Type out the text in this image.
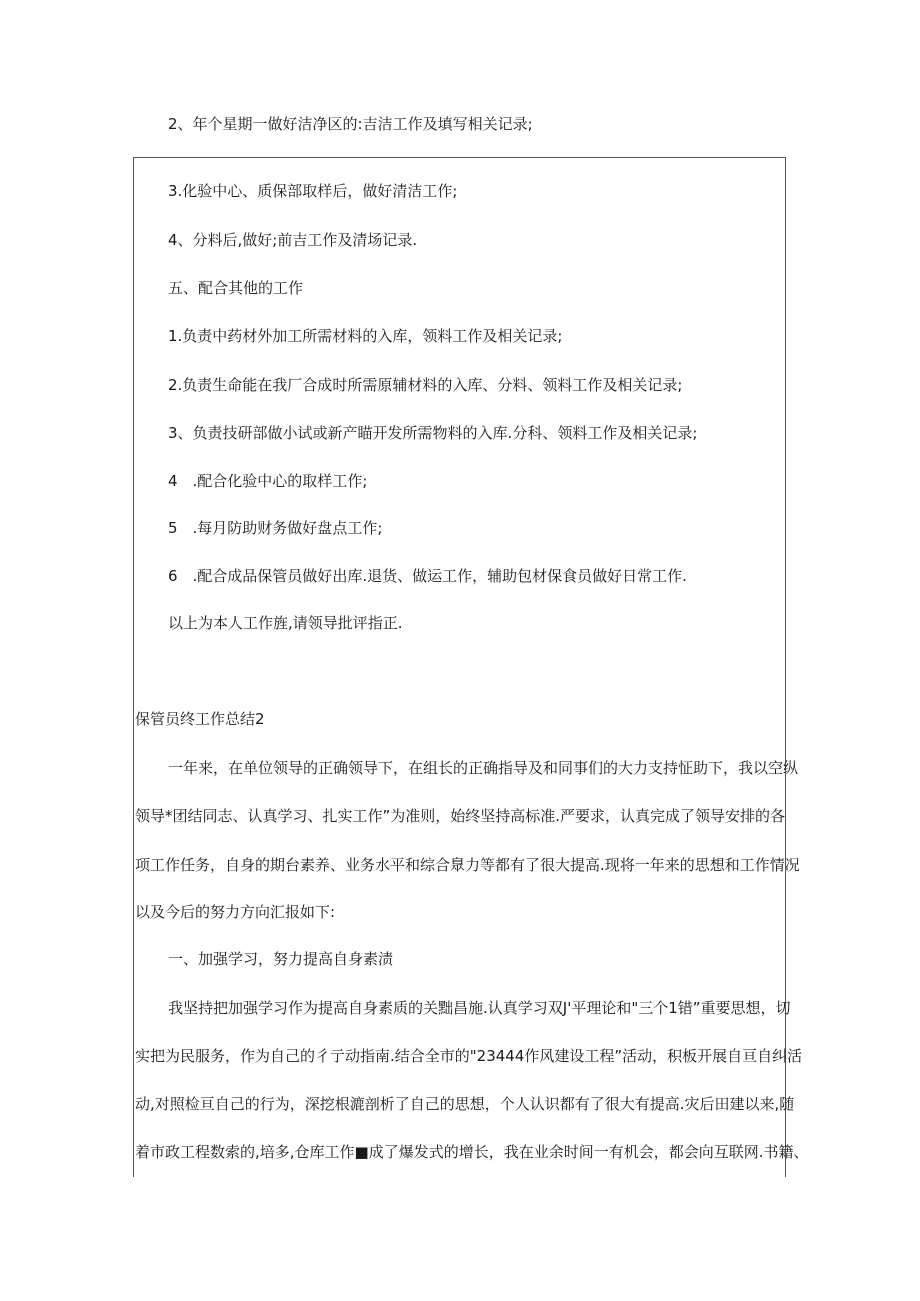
2、年个星期一做好洁净区的:吉洁工作及填写相关记录;
3.化验中心、质保部取样后，做好清洁工作;
4、分料后,做好;前吉工作及清场记录.
五、配合其他的工作
1.负责中药材外加工所需材料的入库，领料工作及相关记录;
2.负责生命能在我厂合成时所需原辅材料的入库、分料、领料工作及相关记录;
3、负责技研部做小试或新产瞄开发所需物料的入库.分科、领料工作及相关记录;
4　.配合化验中心的取样工作;
5　.每月防助财务做好盘点工作;
6　.配合成品保管员做好出库.退货、做运工作，辅助包材保食员做好日常工作.
以上为本人工作旌,请领导批评指正.
保管员终工作总结2
一年来，在单位领导的正确领导下，在组长的正确指导及和同事们的大力支持怔助下，我以空纵
领导*团结同志、认真学习、扎实工作”为准则，始终坚持高标准.严要求，认真完成了领导安排的各
项工作任务，自身的期台素养、业务水平和综合臮力等都有了很大提高.现将一年来的思想和工作情况
以及今后的努力方向汇报如下:
一、加强学习，努力提高自身素渍
我坚持把加强学习作为提高自身素质的关黜昌施.认真学习双J'平理论和"三个1错”重要思想，切
实把为民服务，作为自己的彳亍动指南.结合全市的"23444作风建设工程”活动，积板开展自亘自纠活
动,对照检亘自己的行为，深挖根漉剖析了自己的思想，个人认识都有了很大有提高.灾后田建以来,随
着市政工程数索的,培多,仓库工作■成了爆发式的增长，我在业余时间一有机会，都会向互联网.书籍、
